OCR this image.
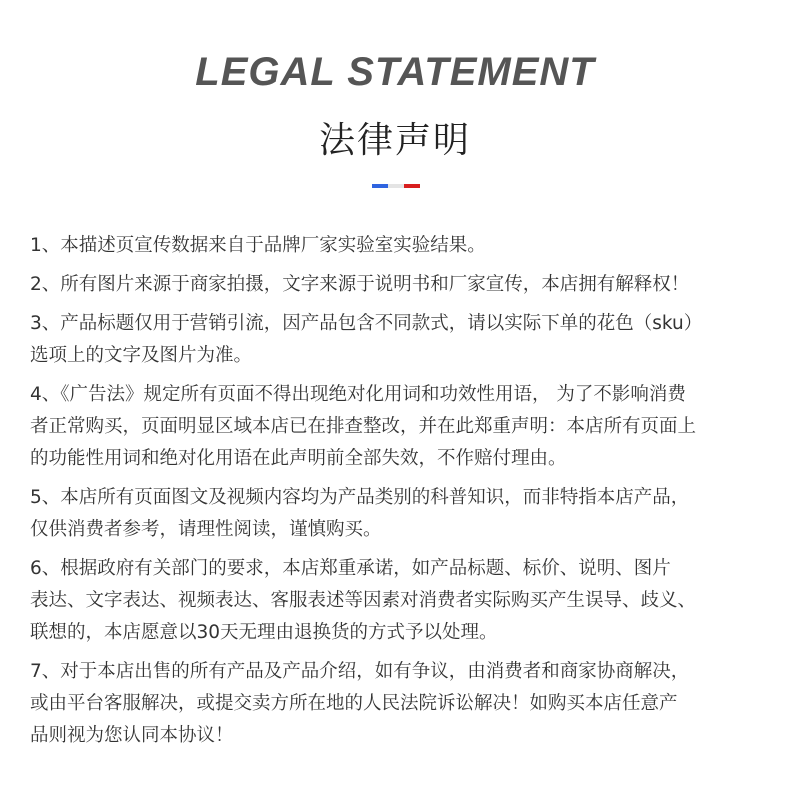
LEGAL STATEMENT
法律声明
1、本描述页宣传数据来自于品牌厂家实验室实验结果。
2、所有图片来源于商家拍摄，文字来源于说明书和厂家宣传，本店拥有解释权！
3、产品标题仅用于营销引流，因产品包含不同款式，请以实际下单的花色（sku）
选项上的文字及图片为准。
4、《广告法》规定所有页面不得出现绝对化用词和功效性用语， 为了不影响消费
者正常购买，页面明显区域本店已在排查整改，并在此郑重声明：本店所有页面上
的功能性用词和绝对化用语在此声明前全部失效，不作赔付理由。
5、本店所有页面图文及视频内容均为产品类别的科普知识，而非特指本店产品，
仅供消费者参考，请理性阅读，谨慎购买。
6、根据政府有关部门的要求，本店郑重承诺，如产品标题、标价、说明、图片
表达、文字表达、视频表达、客服表述等因素对消费者实际购买产生误导、歧义、
联想的，本店愿意以30天无理由退换货的方式予以处理。
7、对于本店出售的所有产品及产品介绍，如有争议，由消费者和商家协商解决，
或由平台客服解决，或提交卖方所在地的人民法院诉讼解决！如购买本店任意产
品则视为您认同本协议！
